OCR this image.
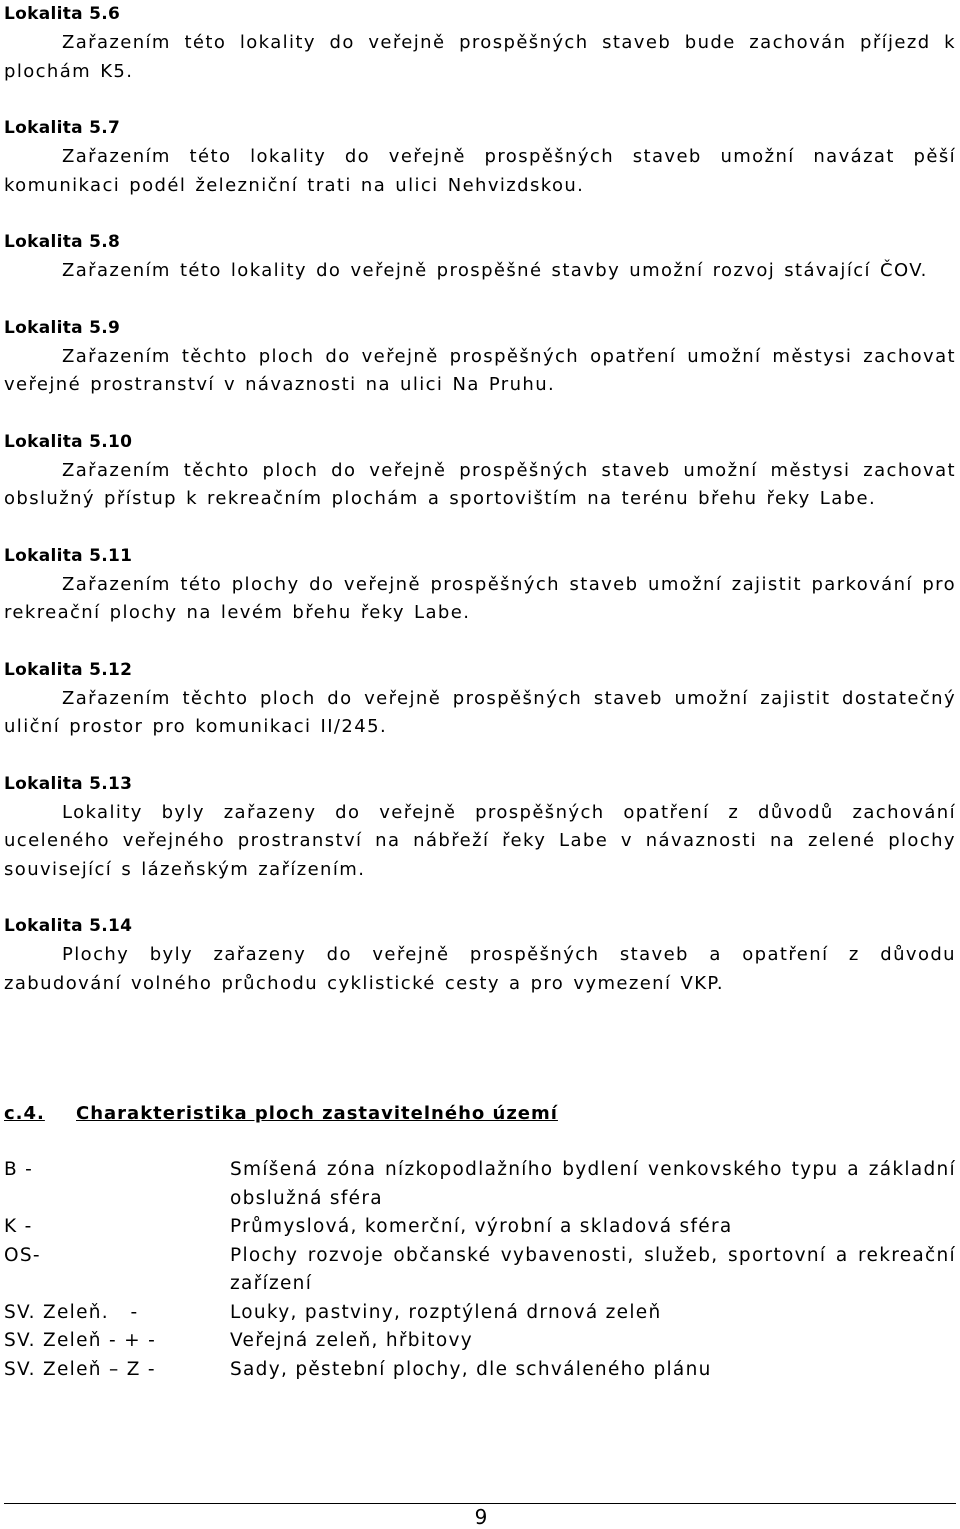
Lokalita 5.6
Zařazením této lokality do veřejně prospěšných staveb bude zachován příjezd k plochám K5.
Lokalita 5.7
Zařazením této lokality do veřejně prospěšných staveb umožní navázat pěší komunikaci podél železniční trati na ulici Nehvizdskou.
Lokalita 5.8
Zařazením této lokality do veřejně prospěšné stavby umožní rozvoj stávající ČOV.
Lokalita 5.9
Zařazením těchto ploch do veřejně prospěšných opatření umožní městysi zachovat veřejné prostranství v návaznosti na ulici Na Pruhu.
Lokalita 5.10
Zařazením těchto ploch do veřejně prospěšných staveb umožní městysi zachovat obslužný přístup k rekreačním plochám a sportovištím na terénu břehu řeky Labe.
Lokalita 5.11
Zařazením této plochy do veřejně prospěšných staveb umožní zajistit parkování pro rekreační plochy na levém břehu řeky Labe.
Lokalita 5.12
Zařazením těchto ploch do veřejně prospěšných staveb umožní zajistit dostatečný uliční prostor pro komunikaci II/245.
Lokalita 5.13
Lokality byly zařazeny do veřejně prospěšných opatření z důvodů zachování uceleného veřejného prostranství na nábřeží řeky Labe v návaznosti na zelené plochy související s lázeňským zařízením.
Lokalita 5.14
Plochy byly zařazeny do veřejně prospěšných staveb a opatření z důvodu zabudování volného průchodu cyklistické cesty a pro vymezení VKP.
c.4. Charakteristika ploch zastavitelného území
B -	Smíšená zóna nízkopodlažního bydlení venkovského typu a základní obslužná sféra
K -	Průmyslová, komerční, výrobní a skladová sféra
OS-	Plochy rozvoje občanské vybavenosti, služeb, sportovní a rekreační zařízení
SV. Zeleň.   -	Louky, pastviny, rozptýlená drnová zeleň
SV. Zeleň - + -	Veřejná zeleň, hřbitovy
SV. Zeleň – Z -	Sady, pěstební plochy, dle schváleného plánu
9
